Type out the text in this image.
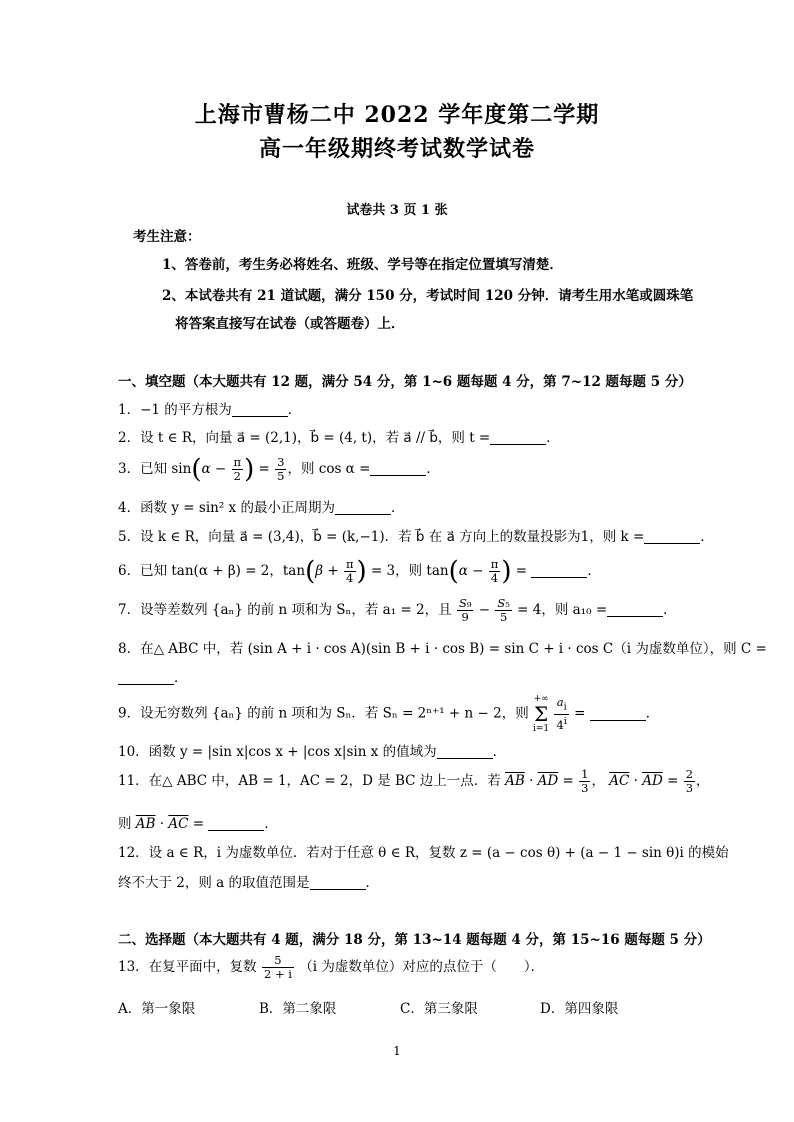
上海市曹杨二中 2022 学年度第二学期
高一年级期终考试数学试卷
试卷共 3 页 1 张
考生注意：
1、答卷前，考生务必将姓名、班级、学号等在指定位置填写清楚．
2、本试卷共有 21 道试题，满分 150 分，考试时间 120 分钟．请考生用水笔或圆珠笔
将答案直接写在试卷（或答题卷）上．
一、填空题（本大题共有 12 题，满分 54 分，第 1~6 题每题 4 分，第 7~12 题每题 5 分）
1．−1 的平方根为	．
2．设 t ∈ R，向量 a⃗ = (2,1)，b⃗ = (4, t)，若 a⃗ // b⃗，则 t =	．
3．已知 $\sin(\alpha - \frac{\pi}{2}$ ) = $\frac{3}{5}$ ，则 cos α =	．
4．函数 y = sin² x 的最小正周期为	．
5．设 k ∈ R，向量 a⃗ = (3,4)，b⃗ = (k,−1)．若 b⃗ 在 a⃗ 方向上的数量投影为1，则 k =	．
6．已知 tan(α + β) = 2，$\tan(\beta + \frac{\pi}{4}$ ) = 3，则 $\tan(\alpha - \frac{\pi}{4}$ ) =	．
7．设等差数列 {aₙ} 的前 n 项和为 Sₙ，若 a₁ = 2，且 $\frac{\text{S₉}}{9} - \frac{\text{S₅}}{5} = 4$，则 a₁₀ =	．
8．在△ ABC 中，若 (sin A + i · cos A)(sin B + i · cos B) = sin C + i · cos C（i 为虚数单位），则 C =
．
9．设无穷数列 {aₙ} 的前 n 项和为 Sₙ．若 Sₙ = 2ⁿ⁺¹ + n − 2，则 +∞
Σ
$i=1 \frac{a_i}{4^i}$ =	．
10．函数 y = |sin x|cos x + |cos x|sin x 的值域为	．
11．在△ ABC 中，AB = 1，AC = 2，D 是 BC 边上一点．若 $\overline{AB} \cdot \overline{AD} = \frac{1}{3}$ ， $\overline{AC} \cdot \overline{AD} = \frac{2}{3}$ ，
则 $\overline{AB} \cdot \overline{AC}$ =	．
12．设 a ∈ R，i 为虚数单位．若对于任意 θ ∈ R，复数 z = (a − cos θ) + (a − 1 − sin θ)i 的模始
终不大于 2，则 a 的取值范围是	．
二、选择题（本大题共有 4 题，满分 18 分，第 13~14 题每题 4 分，第 15~16 题每题 5 分）
13．在复平面中，复数 $\frac{5}{2 + i} (i$ 为虚数单位）对应的点位于（　　）．
A．第一象限	B．第二象限	C．第三象限	D．第四象限
1
